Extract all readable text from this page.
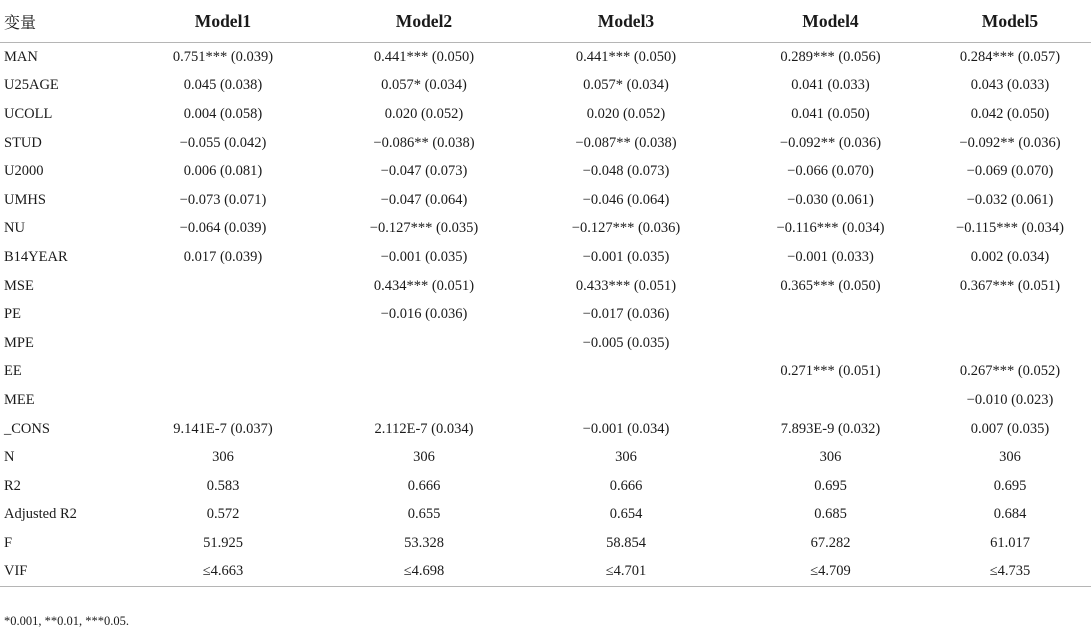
变量	Model1	Model2	Model3	Model4	Model5
MAN	0.751*** (0.039)	0.441*** (0.050)	0.441*** (0.050)	0.289*** (0.056)	0.284*** (0.057)
U25AGE	0.045 (0.038)	0.057* (0.034)	0.057* (0.034)	0.041 (0.033)	0.043 (0.033)
UCOLL	0.004 (0.058)	0.020 (0.052)	0.020 (0.052)	0.041 (0.050)	0.042 (0.050)
STUD	−0.055 (0.042)	−0.086** (0.038)	−0.087** (0.038)	−0.092** (0.036)	−0.092** (0.036)
U2000	0.006 (0.081)	−0.047 (0.073)	−0.048 (0.073)	−0.066 (0.070)	−0.069 (0.070)
UMHS	−0.073 (0.071)	−0.047 (0.064)	−0.046 (0.064)	−0.030 (0.061)	−0.032 (0.061)
NU	−0.064 (0.039)	−0.127*** (0.035)	−0.127*** (0.036)	−0.116*** (0.034)	−0.115*** (0.034)
B14YEAR	0.017 (0.039)	−0.001 (0.035)	−0.001 (0.035)	−0.001 (0.033)	0.002 (0.034)
MSE		0.434*** (0.051)	0.433*** (0.051)	0.365*** (0.050)	0.367*** (0.051)
PE		−0.016 (0.036)	−0.017 (0.036)		
MPE			−0.005 (0.035)		
EE				0.271*** (0.051)	0.267*** (0.052)
MEE					−0.010 (0.023)
_CONS	9.141E-7 (0.037)	2.112E-7 (0.034)	−0.001 (0.034)	7.893E-9 (0.032)	0.007 (0.035)
N	306	306	306	306	306
R2	0.583	0.666	0.666	0.695	0.695
Adjusted R2	0.572	0.655	0.654	0.685	0.684
F	51.925	53.328	58.854	67.282	61.017
VIF	≤4.663	≤4.698	≤4.701	≤4.709	≤4.735
*0.001, **0.01, ***0.05.
